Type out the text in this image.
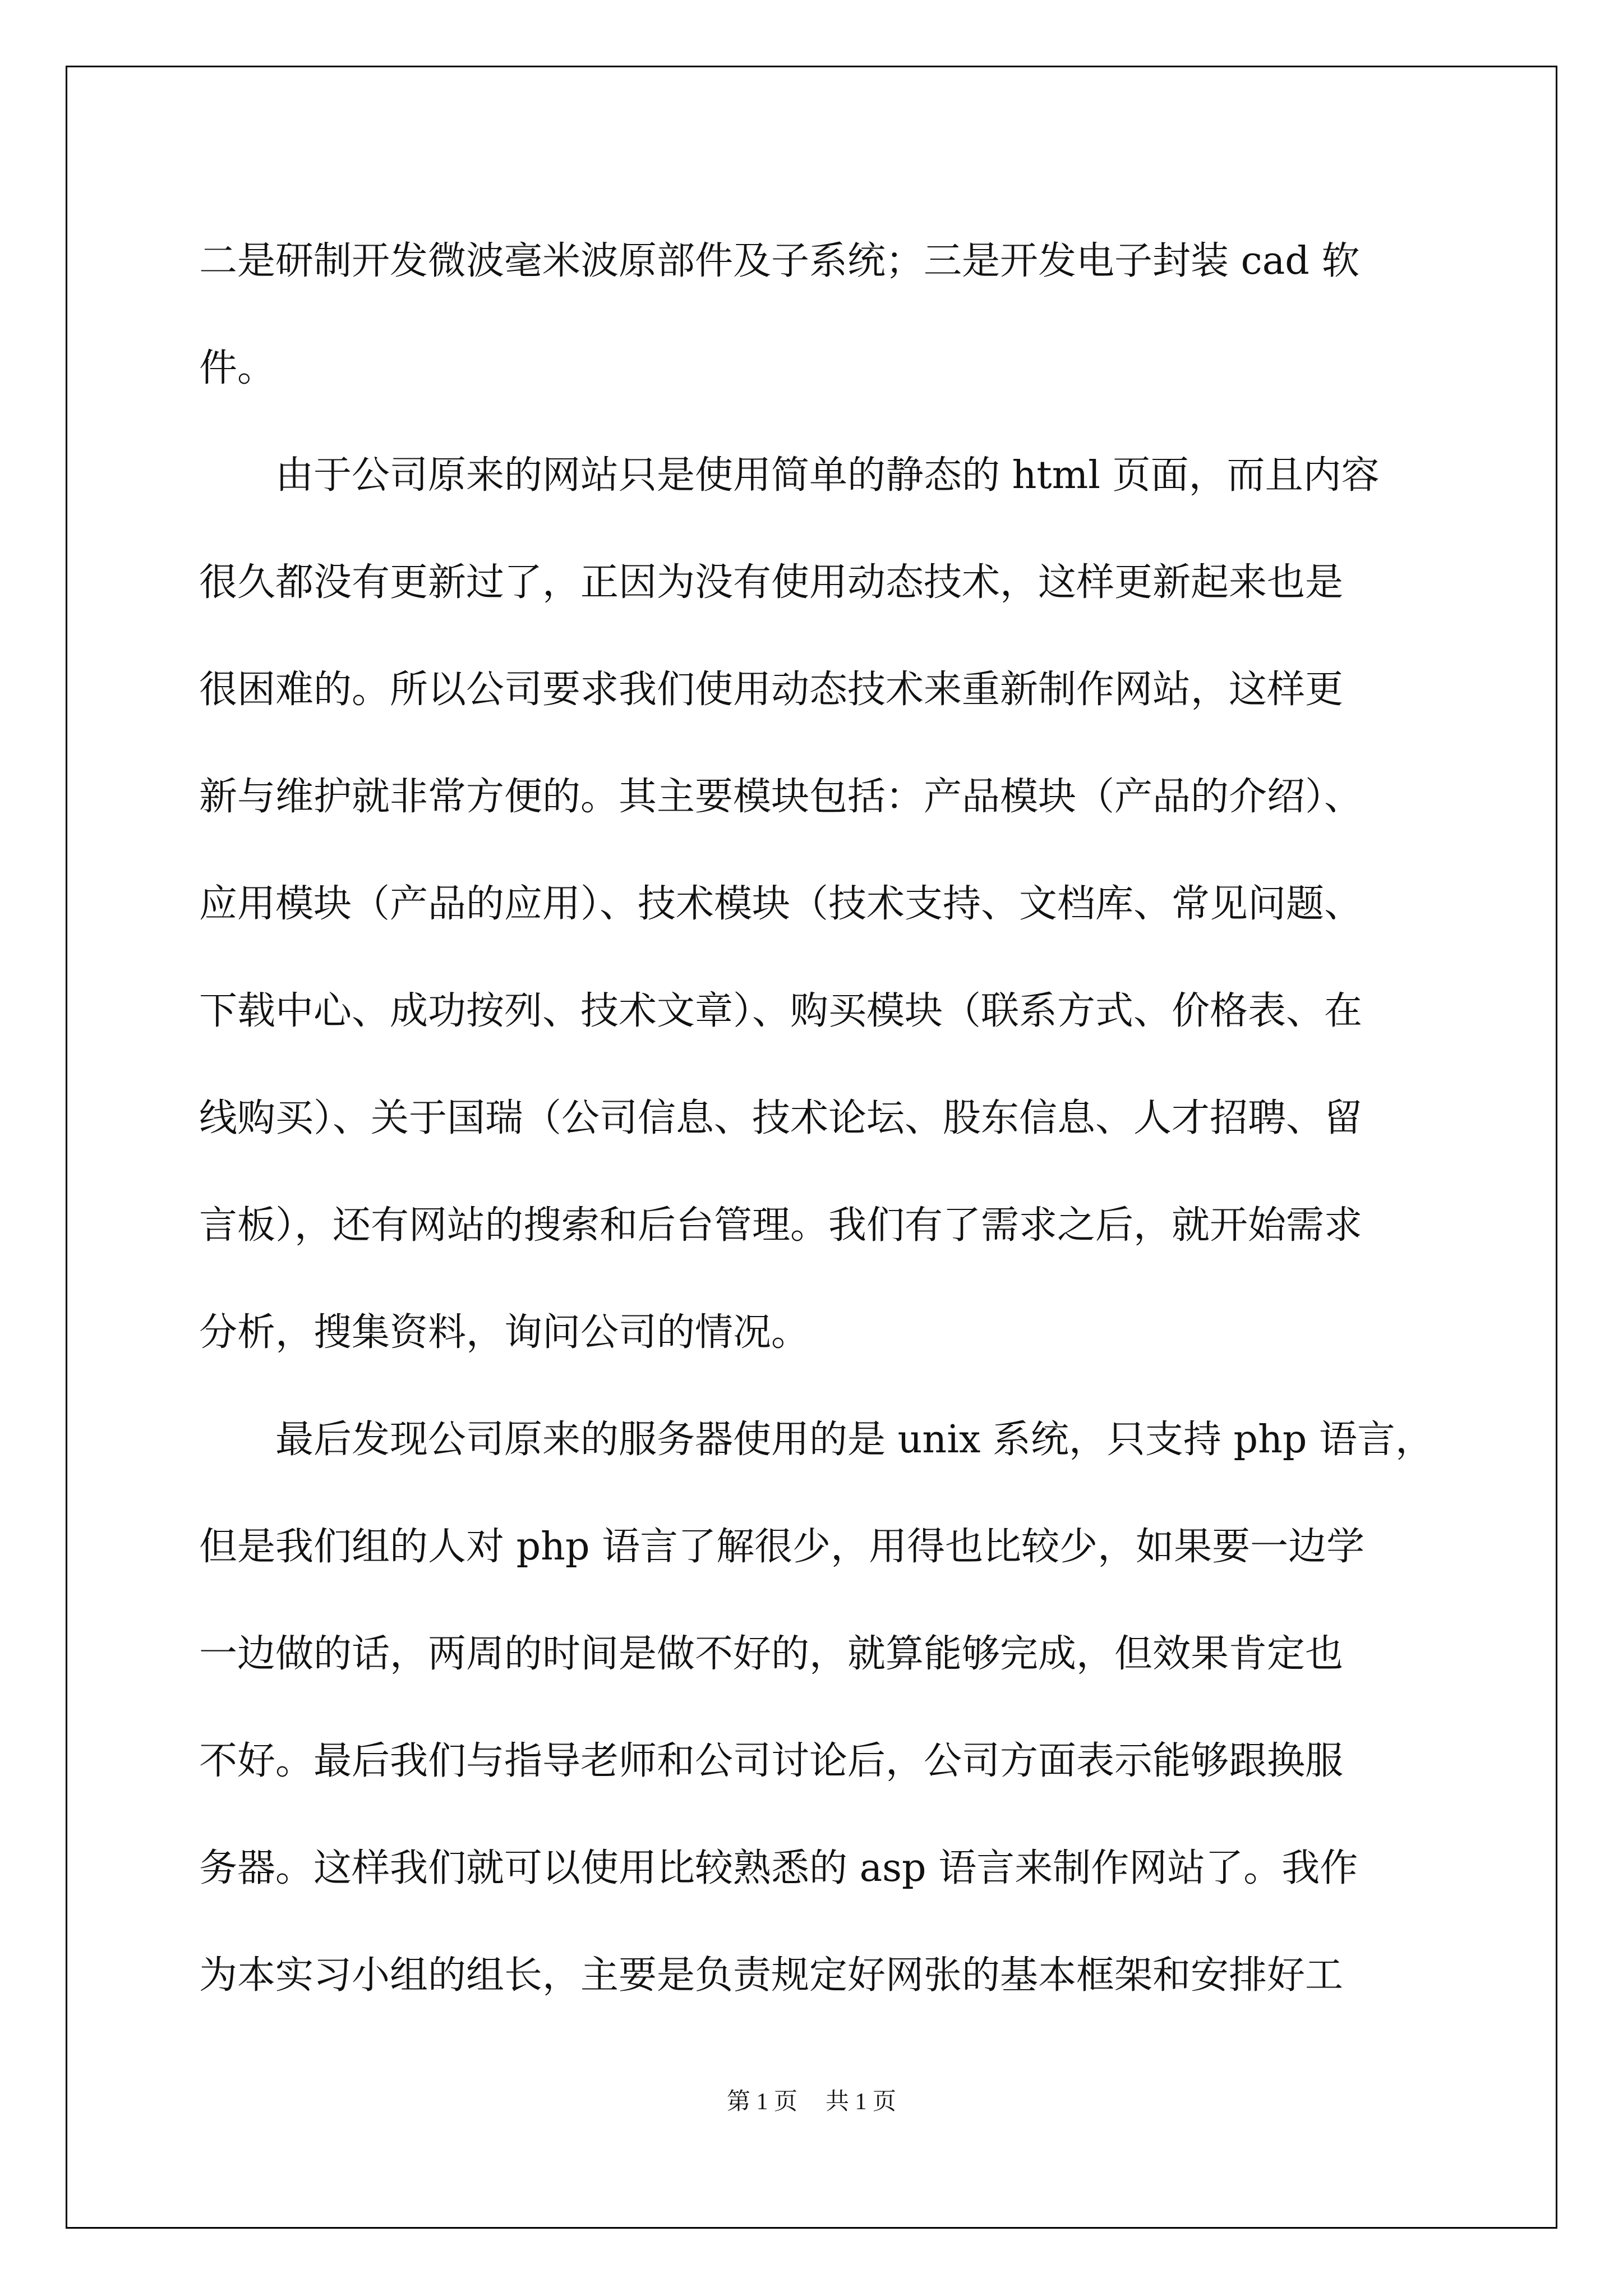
二是研制开发微波毫米波原部件及子系统；三是开发电子封装 cad 软
件。
　　由于公司原来的网站只是使用简单的静态的 html 页面，而且内容
很久都没有更新过了，正因为没有使用动态技术，这样更新起来也是
很困难的。所以公司要求我们使用动态技术来重新制作网站，这样更
新与维护就非常方便的。其主要模块包括：产品模块（产品的介绍）、
应用模块（产品的应用）、技术模块（技术支持、文档库、常见问题、
下载中心、成功按列、技术文章）、购买模块（联系方式、价格表、在
线购买）、关于国瑞（公司信息、技术论坛、股东信息、人才招聘、留
言板），还有网站的搜索和后台管理。我们有了需求之后，就开始需求
分析，搜集资料，询问公司的情况。
　　最后发现公司原来的服务器使用的是 unix 系统，只支持 php 语言，
但是我们组的人对 php 语言了解很少，用得也比较少，如果要一边学
一边做的话，两周的时间是做不好的，就算能够完成，但效果肯定也
不好。最后我们与指导老师和公司讨论后，公司方面表示能够跟换服
务器。这样我们就可以使用比较熟悉的 asp 语言来制作网站了。我作
为本实习小组的组长，主要是负责规定好网张的基本框架和安排好工
第 1 页 共 1 页
